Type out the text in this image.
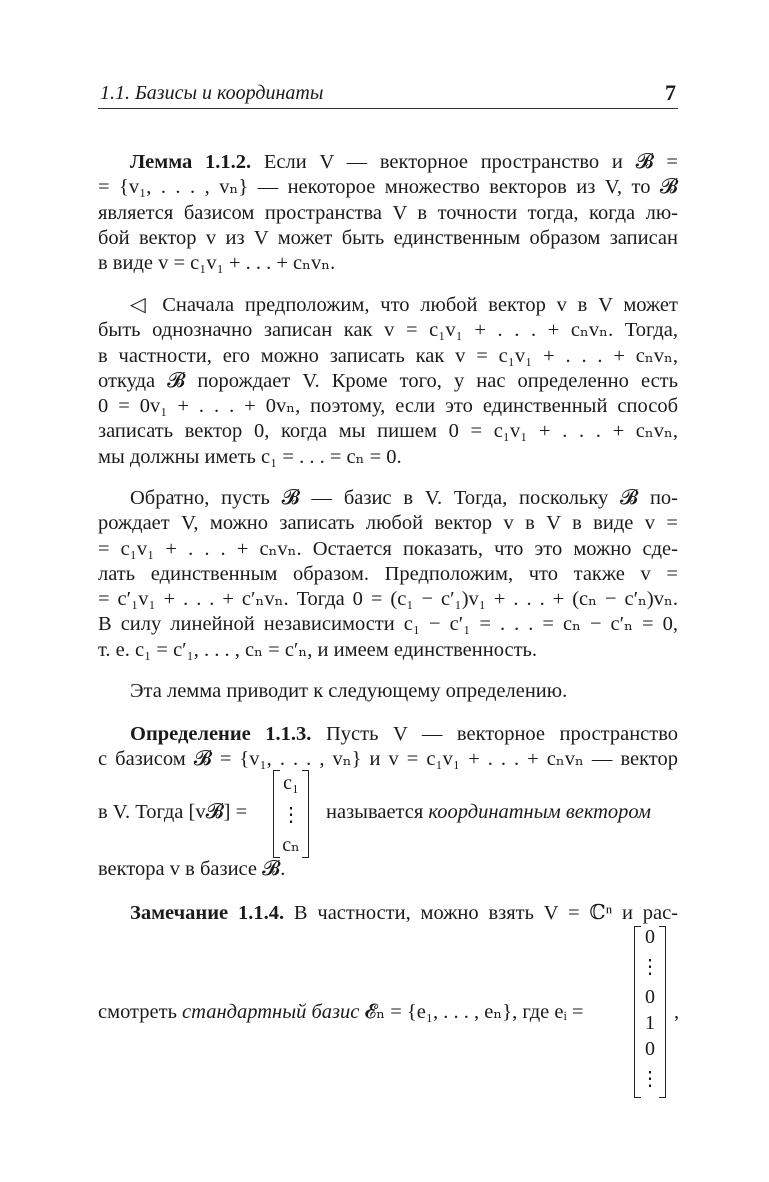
1.1. Базисы и координаты	7
Лемма 1.1.2. Если V — векторное пространство и 𝓑 =
= {v₁, . . . , vₙ} — некоторое множество векторов из V, то 𝓑
является базисом пространства V в точности тогда, когда лю-
бой вектор v из V может быть единственным образом записан
в виде v = c₁v₁ + . . . + cₙvₙ.
◁ Сначала предположим, что любой вектор v в V может
быть однозначно записан как v = c₁v₁ + . . . + cₙvₙ. Тогда,
в частности, его можно записать как v = c₁v₁ + . . . + cₙvₙ,
откуда 𝓑 порождает V. Кроме того, у нас определенно есть
0 = 0v₁ + . . . + 0vₙ, поэтому, если это единственный способ
записать вектор 0, когда мы пишем 0 = c₁v₁ + . . . + cₙvₙ,
мы должны иметь c₁ = . . . = cₙ = 0.
Обратно, пусть 𝓑 — базис в V. Тогда, поскольку 𝓑 по-
рождает V, можно записать любой вектор v в V в виде v =
= c₁v₁ + . . . + cₙvₙ. Остается показать, что это можно сде-
лать единственным образом. Предположим, что также v =
= c′₁v₁ + . . . + c′ₙvₙ. Тогда 0 = (c₁ − c′₁)v₁ + . . . + (cₙ − c′ₙ)vₙ.
В силу линейной независимости c₁ − c′₁ = . . . = cₙ − c′ₙ = 0,
т. е. c₁ = c′₁, . . . , cₙ = c′ₙ, и имеем единственность.
Эта лемма приводит к следующему определению.
Определение 1.1.3. Пусть V — векторное пространство
с базисом 𝓑 = {v₁, . . . , vₙ} и v = c₁v₁ + . . . + cₙvₙ — вектор
в V. Тогда [v𝓑] =	называется координатным вектором
c₁
⋮
cₙ
вектора v в базисе 𝓑.
Замечание 1.1.4. В частности, можно взять V = ℂⁿ и рас-
смотреть стандартный базис 𝓔ₙ = {e₁, . . . , eₙ}, где eᵢ =	,
0
⋮
0
1
0
⋮
